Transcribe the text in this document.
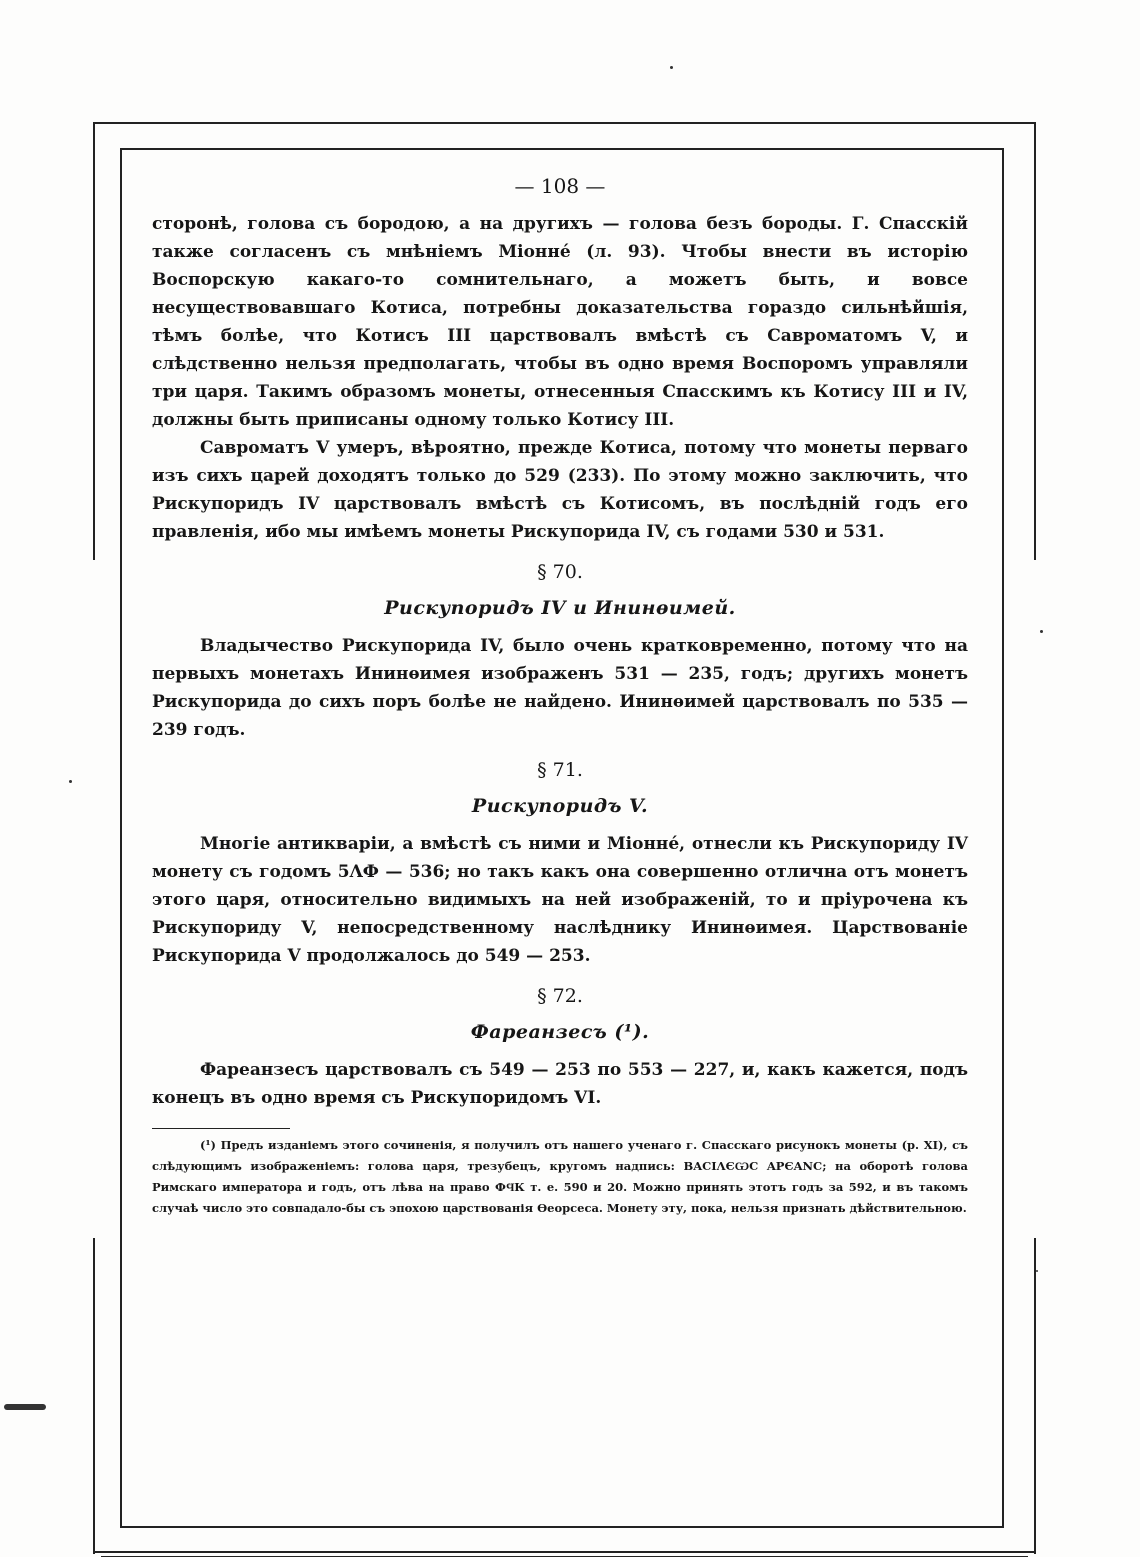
— 108 —

сторонѣ, голова съ бородою, а на другихъ — голова безъ бороды. Г. Спасскій также согласенъ съ мнѣніемъ Міонне́ (л. 93). Чтобы внести въ исторію Воспорскую какаго-то сомнительнаго, а можетъ быть, и вовсе несуществовавшаго Котиса, потребны доказательства гораздо сильнѣйшія, тѣмъ болѣе, что Котисъ III царствовалъ вмѣстѣ съ Савроматомъ V, и слѣдственно нельзя предполагать, чтобы въ одно время Воспоромъ управляли три царя. Такимъ образомъ монеты, отнесенныя Спасскимъ къ Котису III и IV, должны быть приписаны одному только Котису III.

Савроматъ V умеръ, вѣроятно, прежде Котиса, потому что монеты перваго изъ сихъ царей доходятъ только до 529 (233). По этому можно заключить, что Рискупоридъ IV царствовалъ вмѣстѣ съ Котисомъ, въ послѣдній годъ его правленія, ибо мы имѣемъ монеты Рискупорида IV, съ годами 530 и 531.

§ 70.
Рискупоридъ IV и Ининѳимей.

Владычество Рискупорида IV, было очень кратковременно, потому что на первыхъ монетахъ Ининѳимея изображенъ 531 — 235, годъ; другихъ монетъ Рискупорида до сихъ поръ болѣе не найдено. Ининѳимей царствовалъ по 535 — 239 годъ.

§ 71.
Рискупоридъ V.

Многіе антикваріи, а вмѣстѣ съ ними и Міонне́, отнесли къ Рискупориду IV монету съ годомъ 5ΛФ — 536; но такъ какъ она совершенно отлична отъ монетъ этого царя, относительно видимыхъ на ней изображеній, то и пріурочена къ Рискупориду V, непосредственному наслѣднику Ининѳимея. Царствованіе Рискупорида V продолжалось до 549 — 253.

§ 72.
Фареанзесъ (¹).

Фареанзесъ царствовалъ съ 549 — 253 по 553 — 227, и, какъ кажется, подъ конецъ въ одно время съ Рискупоридомъ VI.

(¹) Предъ изданіемъ этого сочиненія, я получилъ отъ нашего ученаго г. Спасскаго рисунокъ монеты (р. XI), съ слѣдующимъ изображеніемъ: голова царя, трезубецъ, кругомъ надпись: BACIΛЄѠC APЄANC; на оборотѣ голова Римскаго императора и годъ, отъ лѣва на право ФϤК т. е. 590 и 20. Можно принять этотъ годъ за 592, и въ такомъ случаѣ число это совпадало-бы съ эпохою царствованія Ѳеорсеса. Монету эту, пока, нельзя признать дѣйствительною.
